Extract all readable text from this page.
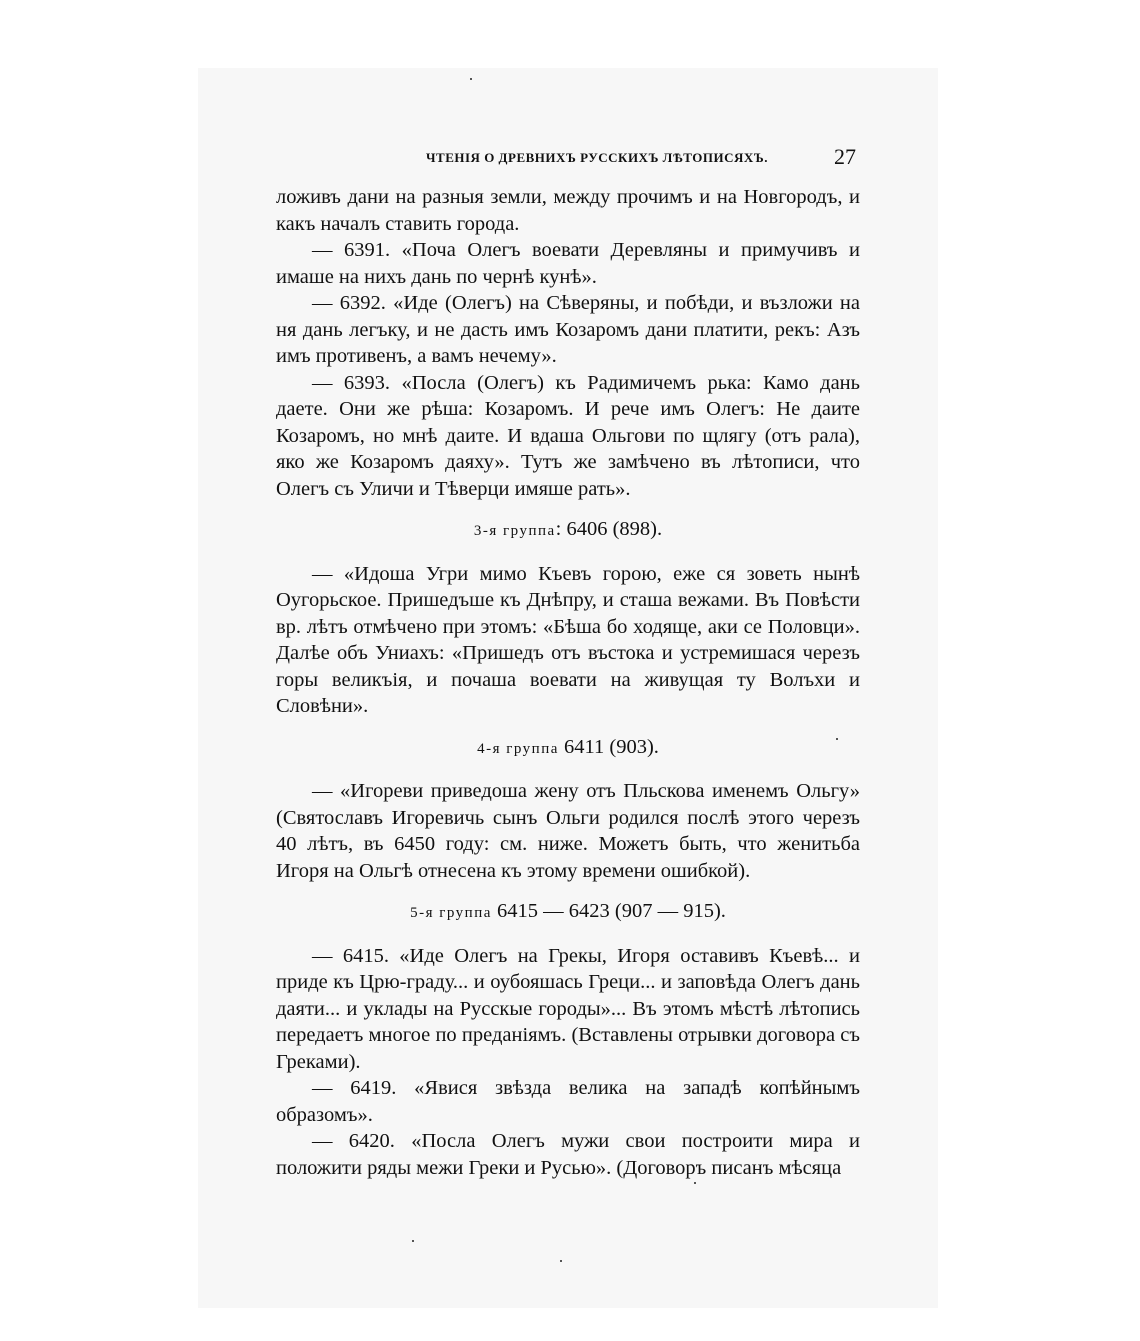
ЧТЕНІЯ О ДРЕВНИХЪ РУССКИХЪ ЛѢТОПИСЯХЪ.	27

ложивъ дани на разныя земли, между прочимъ и на Новгородъ, и какъ началъ ставить города.

— 6391. «Поча Олегъ воевати Деревляны и примучивъ и имаше на нихъ дань по чернѣ кунѣ».

— 6392. «Иде (Олегъ) на Сѣверяны, и побѣди, и възложи на ня дань легъку, и не дасть имъ Козаромъ дани платити, рекъ: Азъ имъ противенъ, а вамъ нечему».

— 6393. «Посла (Олегъ) къ Радимичемъ рька: Камо дань даете. Они же рѣша: Козаромъ. И рече имъ Олегъ: Не даите Козаромъ, но мнѣ даите. И вдаша Ольгови по щлягу (отъ рала), яко же Козаромъ даяху». Тутъ же замѣчено въ лѣтописи, что Олегъ съ Уличи и Тѣверци имяше рать».

3-я группа: 6406 (898).

— «Идоша Угри мимо Къевъ горою, еже ся зоветь нынѣ Оугорьское. Пришедъше къ Днѣпру, и сташа вежами. Въ Повѣсти вр. лѣтъ отмѣчено при этомъ: «Бѣша бо ходяще, аки се Половци». Далѣе объ Униахъ: «Пришедъ отъ въстока и устремишася черезъ горы великъія, и почаша воевати на живущая ту Волъхи и Словѣни».

4-я группа 6411 (903).

— «Игореви приведоша жену отъ Пльскова именемъ Ольгу» (Святославъ Игоревичь сынъ Ольги родился послѣ этого черезъ 40 лѣтъ, въ 6450 году: см. ниже. Можетъ быть, что женитьба Игоря на Ольгѣ отнесена къ этому времени ошибкой).

5-я группа 6415 — 6423 (907 — 915).

— 6415. «Иде Олегъ на Грекы, Игоря оставивъ Къевѣ... и приде къ Црю-граду... и оубояшась Греци... и заповѣда Олегъ дань даяти... и уклады на Русскые городы»... Въ этомъ мѣстѣ лѣтопись передаетъ многое по преданіямъ. (Вставлены отрывки договора съ Греками).

— 6419. «Явися звѣзда велика на западѣ копѣйнымъ образомъ».

— 6420. «Посла Олегъ мужи свои построити мира и положити ряды межи Греки и Русью». (Договоръ писанъ мѣсяца
